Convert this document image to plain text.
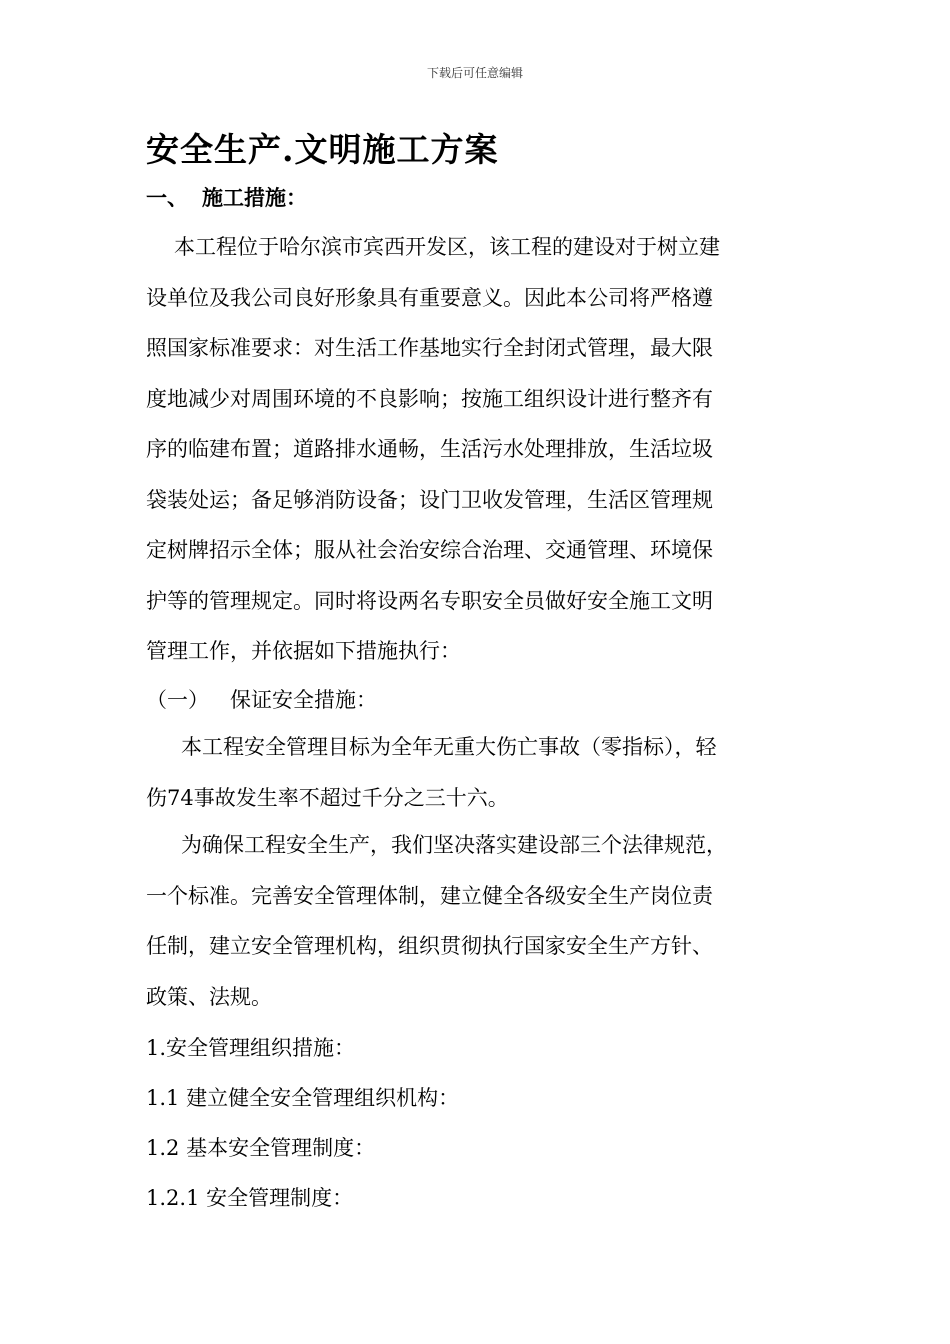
下载后可任意编辑
安全生产.文明施工方案
一、 施工措施：
本工程位于哈尔滨市宾西开发区，该工程的建设对于树立建
设单位及我公司良好形象具有重要意义。因此本公司将严格遵
照国家标准要求：对生活工作基地实行全封闭式管理，最大限
度地减少对周围环境的不良影响；按施工组织设计进行整齐有
序的临建布置；道路排水通畅，生活污水处理排放，生活垃圾
袋装处运；备足够消防设备；设门卫收发管理，生活区管理规
定树牌招示全体；服从社会治安综合治理、交通管理、环境保
护等的管理规定。同时将设两名专职安全员做好安全施工文明
管理工作，并依据如下措施执行：
（一） 保证安全措施：
本工程安全管理目标为全年无重大伤亡事故（零指标），轻
伤74事故发生率不超过千分之三十六。
为确保工程安全生产，我们坚决落实建设部三个法律规范，
一个标准。完善安全管理体制，建立健全各级安全生产岗位责
任制，建立安全管理机构，组织贯彻执行国家安全生产方针、
政策、法规。
1.安全管理组织措施：
1.1 建立健全安全管理组织机构：
1.2 基本安全管理制度：
1.2.1 安全管理制度：
